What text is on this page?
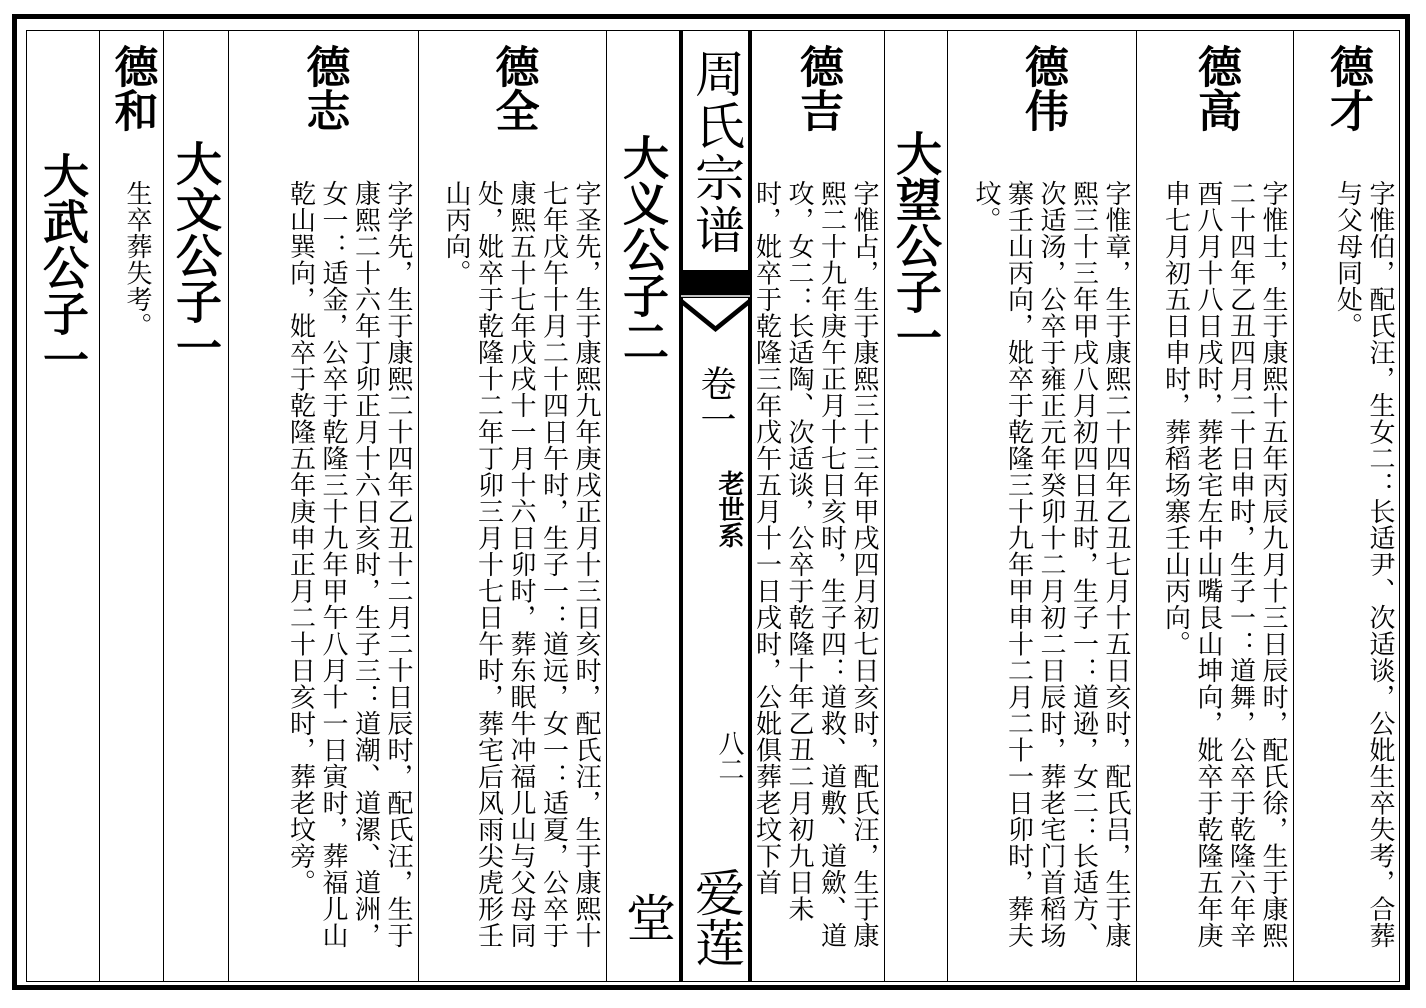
德才
字惟伯，配氏汪，生女二：长适尹、次适谈，公妣生卒失考，合葬与父母同处。
德高
字惟士，生于康熙十五年丙辰九月十三日辰时，配氏徐，生于康熙二十四年乙丑四月二十日申时，生子一：道舞，公卒于乾隆六年辛酉八月十八日戌时，葬老宅左中山嘴艮山坤向，妣卒于乾隆五年庚申七月初五日申时，葬稻场寨壬山丙向。
德伟
字惟章，生于康熙二十四年乙丑七月十五日亥时，配氏吕，生于康熙三十三年甲戌八月初四日丑时，生子一：道逊，女二：长适方、次适汤，公卒于雍正元年癸卯十二月初二日辰时，葬老宅门首稻场寨壬山丙向，妣卒于乾隆三十九年甲申十二月二十一日卯时，葬夫坟。
大望公子一
德吉
字惟占，生于康熙三十三年甲戌四月初七日亥时，配氏汪，生于康熙二十九年庚午正月十七日亥时，生子四：道救、道敷、道歛、道攻，女二：长适陶、次适谈，公卒于乾隆十年乙丑二月初九日未时，妣卒于乾隆三年戊午五月十一日戌时，公妣俱葬老坟下首
周氏宗谱
卷一
老世系
八二
爱莲堂
大义公子二
德全
字圣先，生于康熙九年庚戌正月十三日亥时，配氏汪，生于康熙十七年戊午十月二十四日午时，生子一：道远，女一：适夏，公卒于康熙五十七年戊戌十一月十六日卯时，葬东眠牛冲福儿山与父母同处，妣卒于乾隆十二年丁卯三月十七日午时，葬宅后风雨尖虎形壬山丙向。
德志
字学先，生于康熙二十四年乙丑十二月二十日辰时，配氏汪，生于康熙二十六年丁卯正月十六日亥时，生子三：道潮、道漯、道洲，女一：适金，公卒于乾隆三十九年甲午八月十一日寅时，葬福儿山乾山巽向，妣卒于乾隆五年庚申正月二十日亥时，葬老坟旁。
大文公子一
德和
生卒葬失考。
大武公子一
